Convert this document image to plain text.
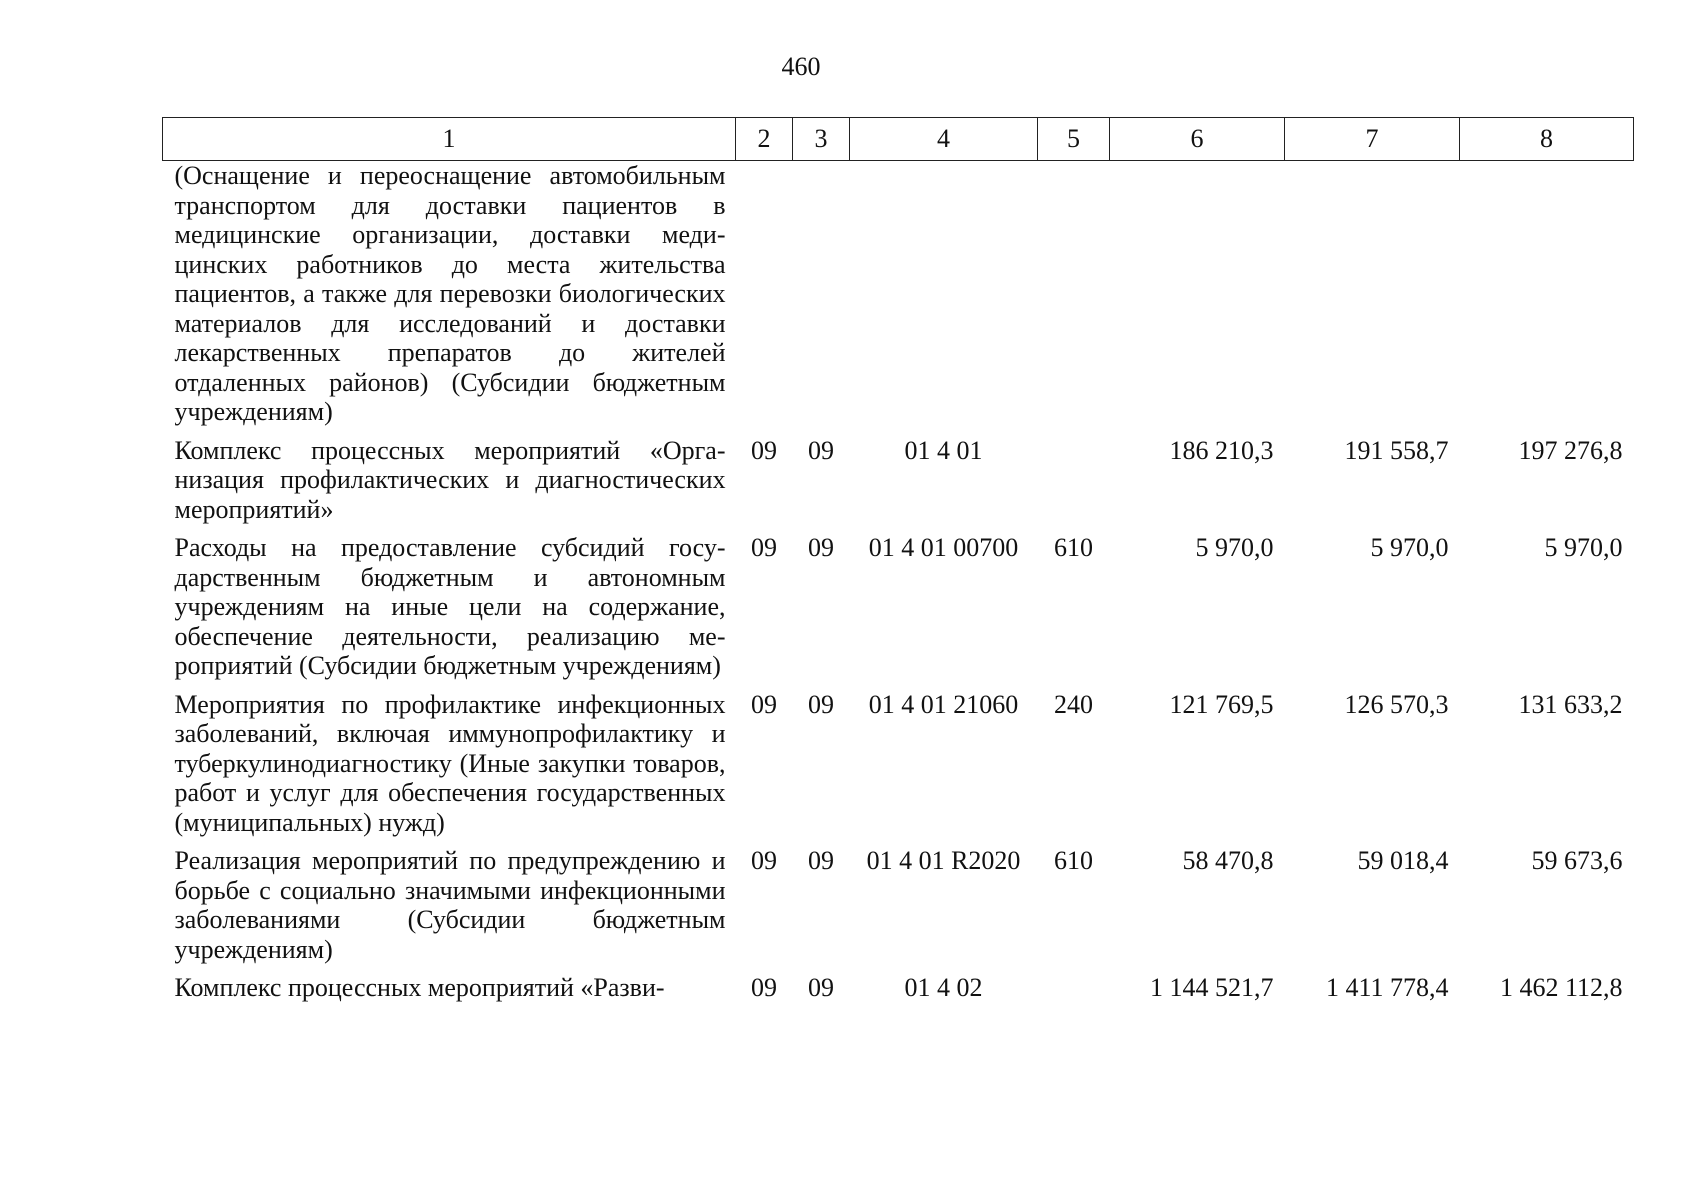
460
1	2	3	4	5	6	7	8
(Оснащение и переоснащение автомобильным транспортом для доставки пациентов в медицинские организации, доставки медицинских работников до места жительства пациентов, а также для перевозки биологических материалов для исследований и доставки лекарственных препаратов до жителей отдаленных районов) (Субсидии бюджетным учреждениям)							
Комплекс процессных мероприятий «Организация профилактических и диагностических мероприятий»	09	09	01 4 01		186 210,3	191 558,7	197 276,8
Расходы на предоставление субсидий государственным бюджетным и автономным учреждениям на иные цели на содержание, обеспечение деятельности, реализацию мероприятий (Субсидии бюджетным учреждениям)	09	09	01 4 01 00700	610	5 970,0	5 970,0	5 970,0
Мероприятия по профилактике инфекционных заболеваний, включая иммунопрофилактику и туберкулинодиагностику (Иные закупки товаров, работ и услуг для обеспечения государственных (муниципальных) нужд)	09	09	01 4 01 21060	240	121 769,5	126 570,3	131 633,2
Реализация мероприятий по предупреждению и борьбе с социально значимыми инфекционными заболеваниями (Субсидии бюджетным учреждениям)	09	09	01 4 01 R2020	610	58 470,8	59 018,4	59 673,6
Комплекс процессных мероприятий «Разви-	09	09	01 4 02		1 144 521,7	1 411 778,4	1 462 112,8
